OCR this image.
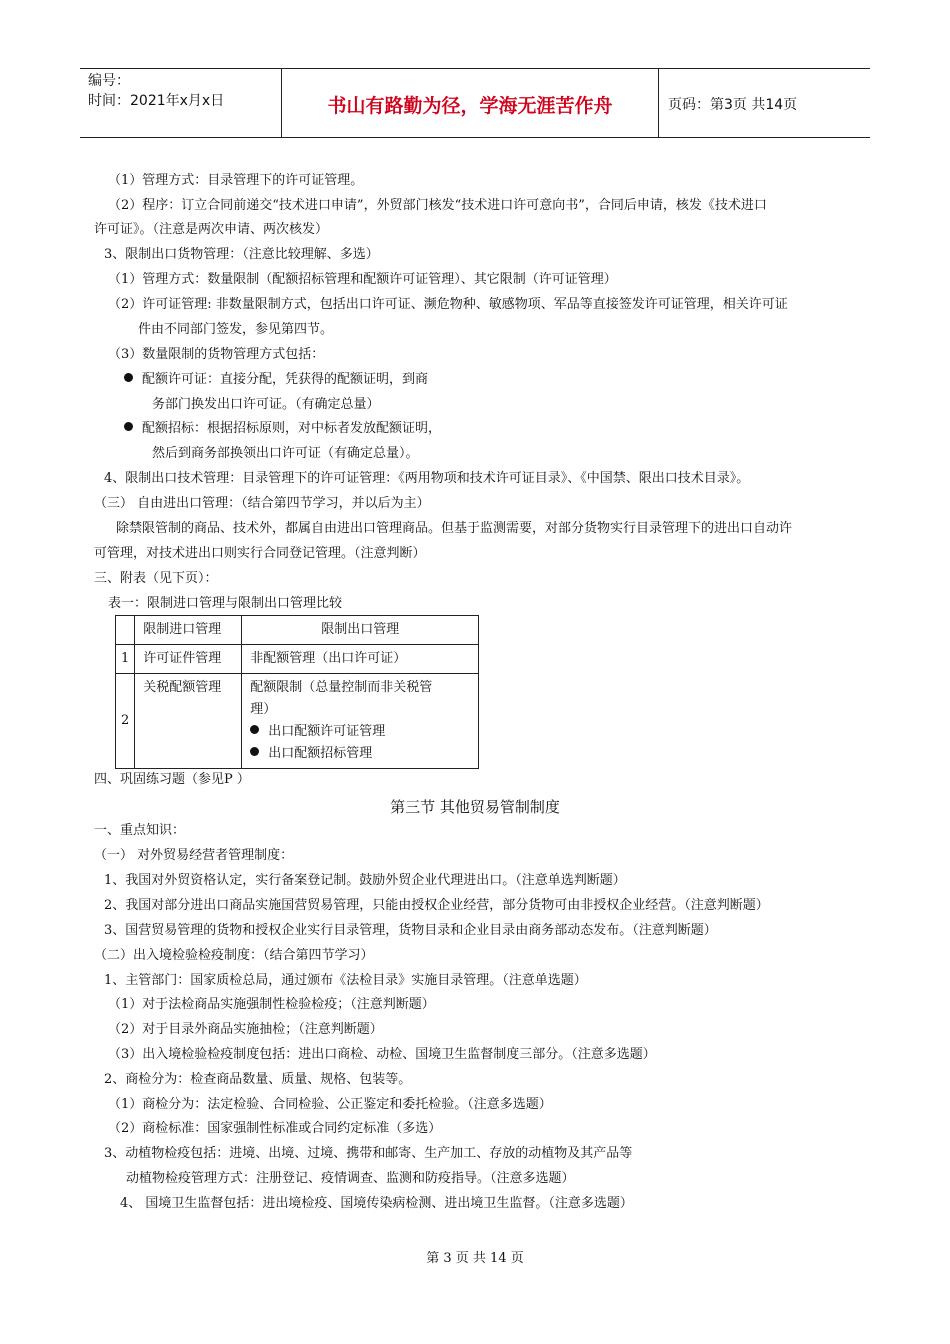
编号：
时间：2021年x月x日	书山有路勤为径，学海无涯苦作舟	页码：第3页 共14页
（1）管理方式：目录管理下的许可证管理。
（2）程序：订立合同前递交“技术进口申请”，外贸部门核发“技术进口许可意向书”，合同后申请，核发《技术进口
许可证》。（注意是两次申请、两次核发）
3、限制出口货物管理：（注意比较理解、多选）
（1）管理方式：数量限制（配额招标管理和配额许可证管理）、其它限制（许可证管理）
（2）许可证管理: 非数量限制方式，包括出口许可证、濒危物种、敏感物项、军品等直接签发许可证管理，相关许可证
件由不同部门签发，参见第四节。
（3）数量限制的货物管理方式包括：
配额许可证：直接分配，凭获得的配额证明，到商
务部门换发出口许可证。（有确定总量）
配额招标：根据招标原则，对中标者发放配额证明，
然后到商务部换领出口许可证（有确定总量）。
4、限制出口技术管理：目录管理下的许可证管理：《两用物项和技术许可证目录》、《中国禁、限出口技术目录》。
（三） 自由进出口管理：（结合第四节学习，并以后为主）
除禁限管制的商品、技术外，都属自由进出口管理商品。但基于监测需要，对部分货物实行目录管理下的进出口自动许
可管理，对技术进出口则实行合同登记管理。（注意判断）
三、附表（见下页）：
表一：限制进口管理与限制出口管理比较
	限制进口管理	限制出口管理
1	许可证件管理	非配额管理（出口许可证）
2	关税配额管理	配额限制（总量控制而非关税管
理）
出口配额许可证管理
出口配额招标管理
四、巩固练习题（参见P ）
第三节 其他贸易管制制度
一、重点知识：
（一） 对外贸易经营者管理制度：
1、我国对外贸资格认定，实行备案登记制。鼓励外贸企业代理进出口。（注意单选判断题）
2、我国对部分进出口商品实施国营贸易管理，只能由授权企业经营，部分货物可由非授权企业经营。（注意判断题）
3、国营贸易管理的货物和授权企业实行目录管理，货物目录和企业目录由商务部动态发布。（注意判断题）
（二）出入境检验检疫制度：（结合第四节学习）
1、主管部门：国家质检总局，通过颁布《法检目录》实施目录管理。（注意单选题）
（1）对于法检商品实施强制性检验检疫；（注意判断题）
（2）对于目录外商品实施抽检；（注意判断题）
（3）出入境检验检疫制度包括：进出口商检、动检、国境卫生监督制度三部分。（注意多选题）
2、商检分为：检查商品数量、质量、规格、包装等。
（1）商检分为：法定检验、合同检验、公正鉴定和委托检验。（注意多选题）
（2）商检标准：国家强制性标准或合同约定标准（多选）
3、动植物检疫包括：进境、出境、过境、携带和邮寄、生产加工、存放的动植物及其产品等
动植物检疫管理方式：注册登记、疫情调查、监测和防疫指导。（注意多选题）
4、 国境卫生监督包括：进出境检疫、国境传染病检测、进出境卫生监督。（注意多选题）
第 3 页 共 14 页
